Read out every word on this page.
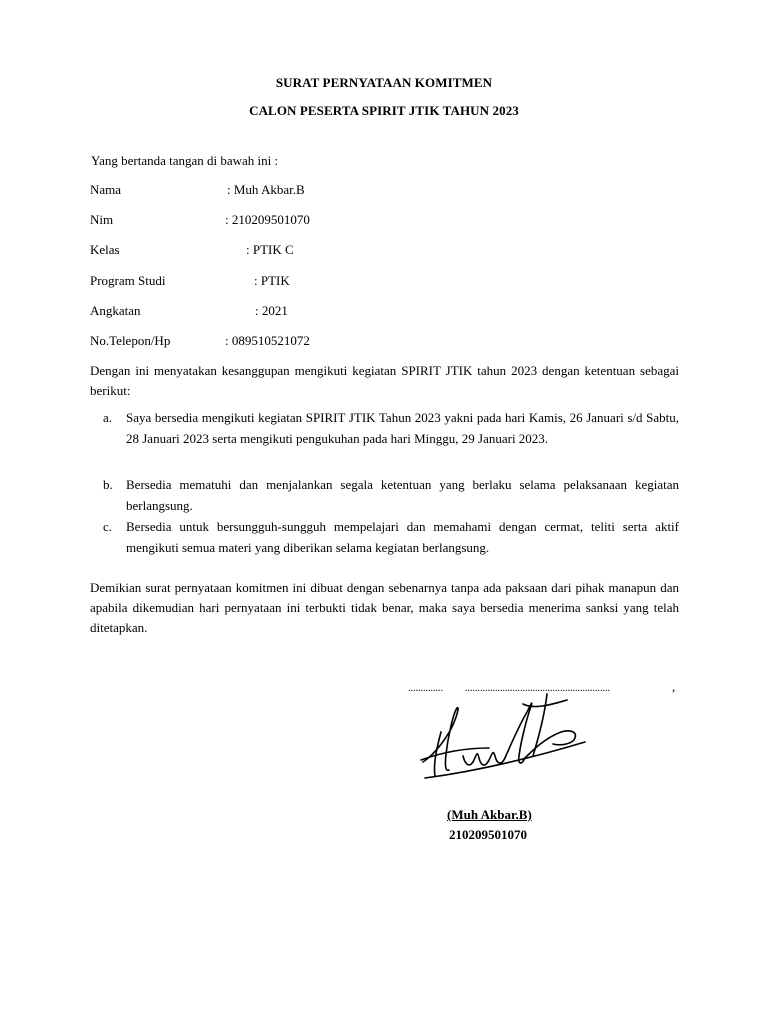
SURAT PERNYATAAN KOMITMEN
CALON PESERTA SPIRIT JTIK TAHUN 2023
Yang bertanda tangan di bawah ini :
Nama	: Muh Akbar.B
Nim	: 210209501070
Kelas	: PTIK C
Program Studi	: PTIK
Angkatan	: 2021
No.Telepon/Hp	: 089510521072
Dengan ini menyatakan kesanggupan mengikuti kegiatan SPIRIT JTIK tahun 2023 dengan ketentuan sebagai berikut:
a. Saya bersedia mengikuti kegiatan SPIRIT JTIK Tahun 2023 yakni pada hari Kamis, 26 Januari s/d Sabtu, 28 Januari 2023 serta mengikuti pengukuhan pada hari Minggu, 29 Januari 2023.
b. Bersedia mematuhi dan menjalankan segala ketentuan yang berlaku selama pelaksanaan kegiatan berlangsung.
c. Bersedia untuk bersungguh-sungguh mempelajari dan memahami dengan cermat, teliti serta aktif mengikuti semua materi yang diberikan selama kegiatan berlangsung.
Demikian surat pernyataan komitmen ini dibuat dengan sebenarnya tanpa ada paksaan dari pihak manapun dan apabila dikemudian hari pernyataan ini terbukti tidak benar, maka saya bersedia menerima sanksi yang telah ditetapkan.
.............. ..........................................................	,
(Muh Akbar.B)
210209501070
